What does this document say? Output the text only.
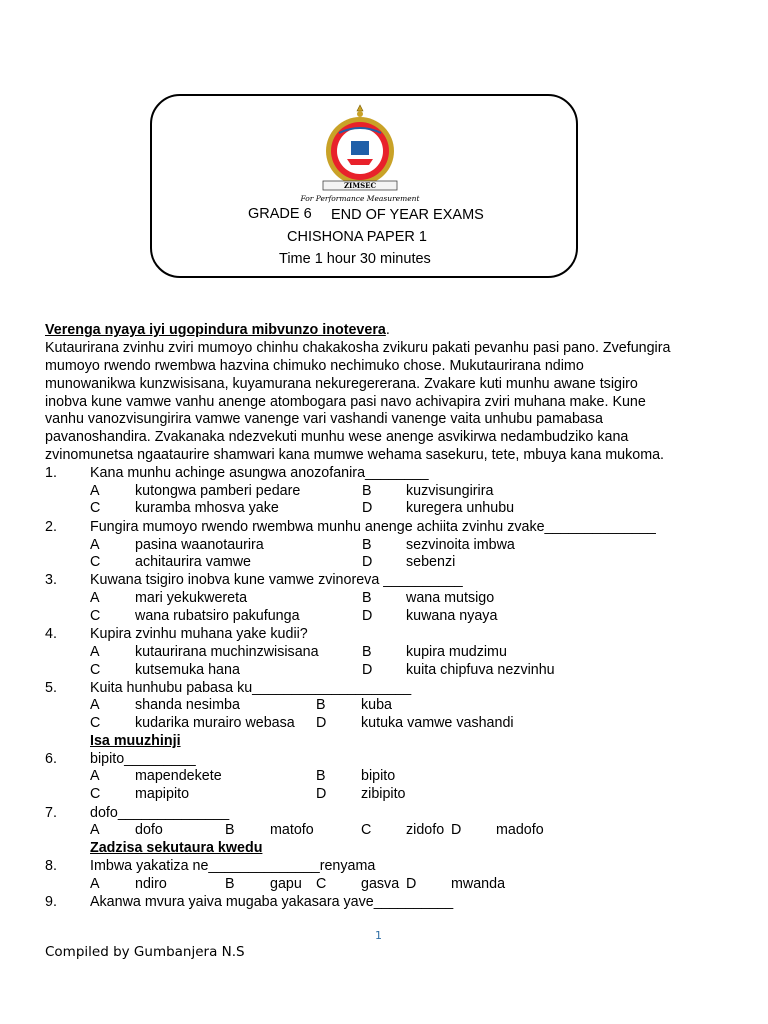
ZIMSEC
For Performance Measurement
GRADE 6 END OF YEAR EXAMS
CHISHONA PAPER 1
Time 1 hour 30 minutes
Verenga nyaya iyi ugopindura mibvunzo inotevera.
Kutaurirana zvinhu zviri mumoyo chinhu chakakosha zvikuru pakati pevanhu pasi pano. Zvefungira
mumoyo rwendo rwembwa hazvina chimuko nechimuko chose. Mukutaurirana ndimo
munowanikwa kunzwisisana, kuyamurana nekuregererana. Zvakare kuti munhu awane tsigiro
inobva kune vamwe vanhu anenge atombogara pasi navo achivapira zviri muhana make. Kune
vanhu vanozvisungirira vamwe vanenge vari vashandi vanenge vaita unhubu pamabasa
pavanoshandira. Zvakanaka ndezvekuti munhu wese anenge asvikirwa nedambudziko kana
zvinomunetsa ngaataurire shamwari kana mumwe wehama sasekuru, tete, mbuya kana mukoma.
1. Kana munhu achinge asungwa anozofanira________
A kutongwa pamberi pedare	B kuzvisungirira
C kuramba mhosva yake	D kuregera unhubu
2. Fungira mumoyo rwendo rwembwa munhu anenge achiita zvinhu zvake______________
A pasina waanotaurira	B sezvinoita imbwa
C achitaurira vamwe	D sebenzi
3. Kuwana tsigiro inobva kune vamwe zvinoreva __________
A mari yekukwereta	B wana mutsigo
C wana rubatsiro pakufunga	D kuwana nyaya
4. Kupira zvinhu muhana yake kudii?
A kutaurirana muchinzwisisana	B kupira mudzimu
C kutsemuka hana	D kuita chipfuva nezvinhu
5. Kuita hunhubu pabasa ku____________________
A shanda nesimba	B kuba
C kudarika murairo webasa D kutuka vamwe vashandi
Isa muuzhinji
6. bipito_________
A mapendekete	B bipito
C mapipito	D zibipito
7. dofo______________
A dofo	B matofo	C zidofo D madofo
Zadzisa sekutaura kwedu
8. Imbwa yakatiza ne______________renyama
A ndiro	B gapu C gasva D mwanda
9. Akanwa mvura yaiva mugaba yakasara yave__________
1
Compiled by Gumbanjera N.S
